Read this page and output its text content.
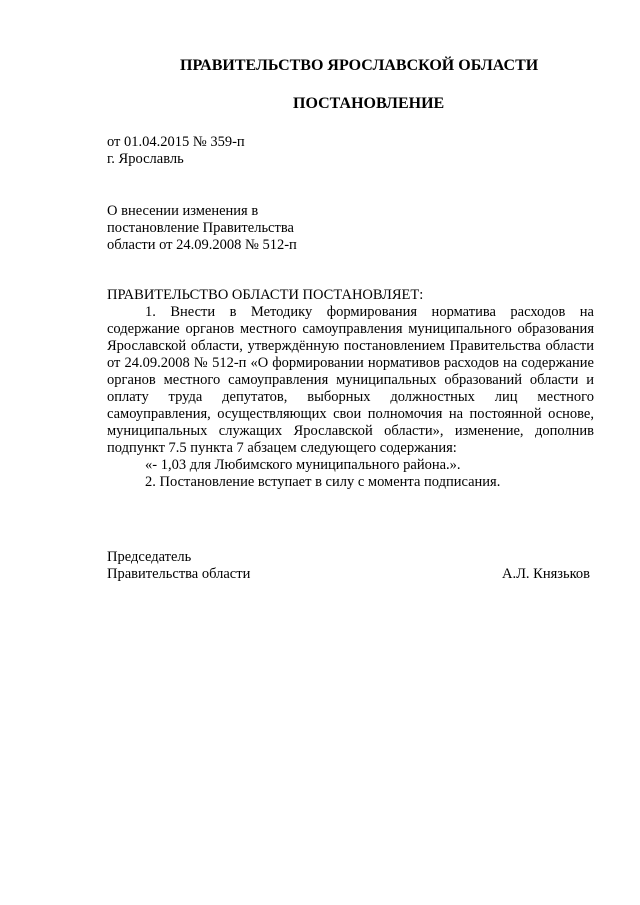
ПРАВИТЕЛЬСТВО ЯРОСЛАВСКОЙ ОБЛАСТИ
ПОСТАНОВЛЕНИЕ
от 01.04.2015 № 359-п
г. Ярославль
О внесении изменения в
постановление Правительства
области от 24.09.2008 № 512-п

ПРАВИТЕЛЬСТВО ОБЛАСТИ ПОСТАНОВЛЯЕТ:

1. Внести в Методику формирования норматива расходов на содержание органов местного самоуправления муниципального образования Ярославской области, утверждённую постановлением Правительства области от 24.09.2008 № 512-п «О формировании нормативов расходов на содержание органов местного самоуправления муниципальных образований области и оплату труда депутатов, выборных должностных лиц местного самоуправления, осуществляющих свои полномочия на постоянной основе, муниципальных служащих Ярославской области», изменение, дополнив подпункт 7.5 пункта 7 абзацем следующего содержания:

«- 1,03 для Любимского муниципального района.».

2. Постановление вступает в силу с момента подписания.

Председатель
Правительства области	А.Л. Князьков
